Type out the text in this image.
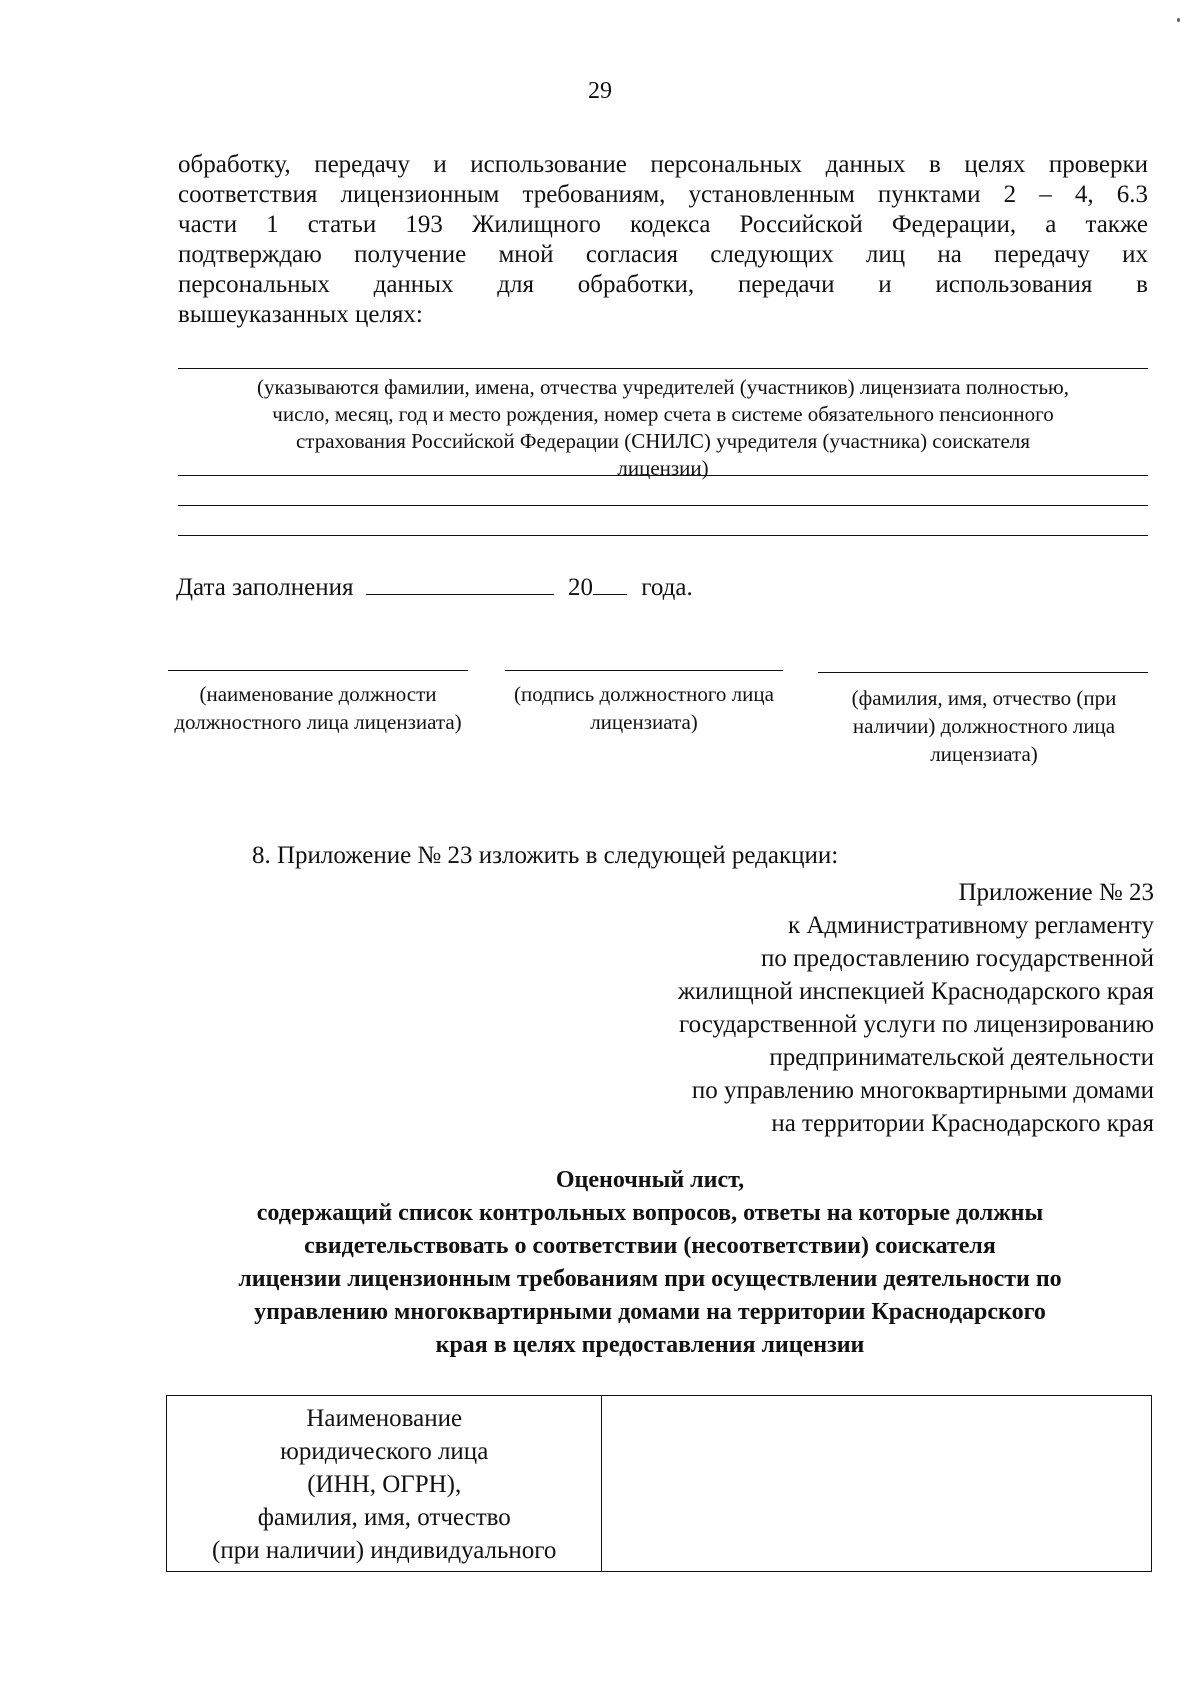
29
обработку, передачу и использование персональных данных в целях проверки
соответствия лицензионным требованиям, установленным пунктами 2 – 4, 6.3
части 1 статьи 193 Жилищного кодекса Российской Федерации, а также
подтверждаю получение мной согласия следующих лиц на передачу их
персональных данных для обработки, передачи и использования в
вышеуказанных целях:
(указываются фамилии, имена, отчества учредителей (участников) лицензиата полностью,
число, месяц, год и место рождения, номер счета в системе обязательного пенсионного
страхования Российской Федерации (СНИЛС) учредителя (участника) соискателя
лицензии)
Дата заполнения	20 года.
(наименование должности должностного лица лицензиата)
(подпись должностного лица лицензиата)
(фамилия, имя, отчество (при наличии) должностного лица лицензиата)
8. Приложение № 23 изложить в следующей редакции:
Приложение № 23
к Административному регламенту
по предоставлению государственной
жилищной инспекцией Краснодарского края
государственной услуги по лицензированию
предпринимательской деятельности
по управлению многоквартирными домами
на территории Краснодарского края
Оценочный лист,
содержащий список контрольных вопросов, ответы на которые должны
свидетельствовать о соответствии (несоответствии) соискателя
лицензии лицензионным требованиям при осуществлении деятельности по
управлению многоквартирными домами на территории Краснодарского
края в целях предоставления лицензии
Наименование
юридического лица
(ИНН, ОГРН),
фамилия, имя, отчество
(при наличии) индивидуального
